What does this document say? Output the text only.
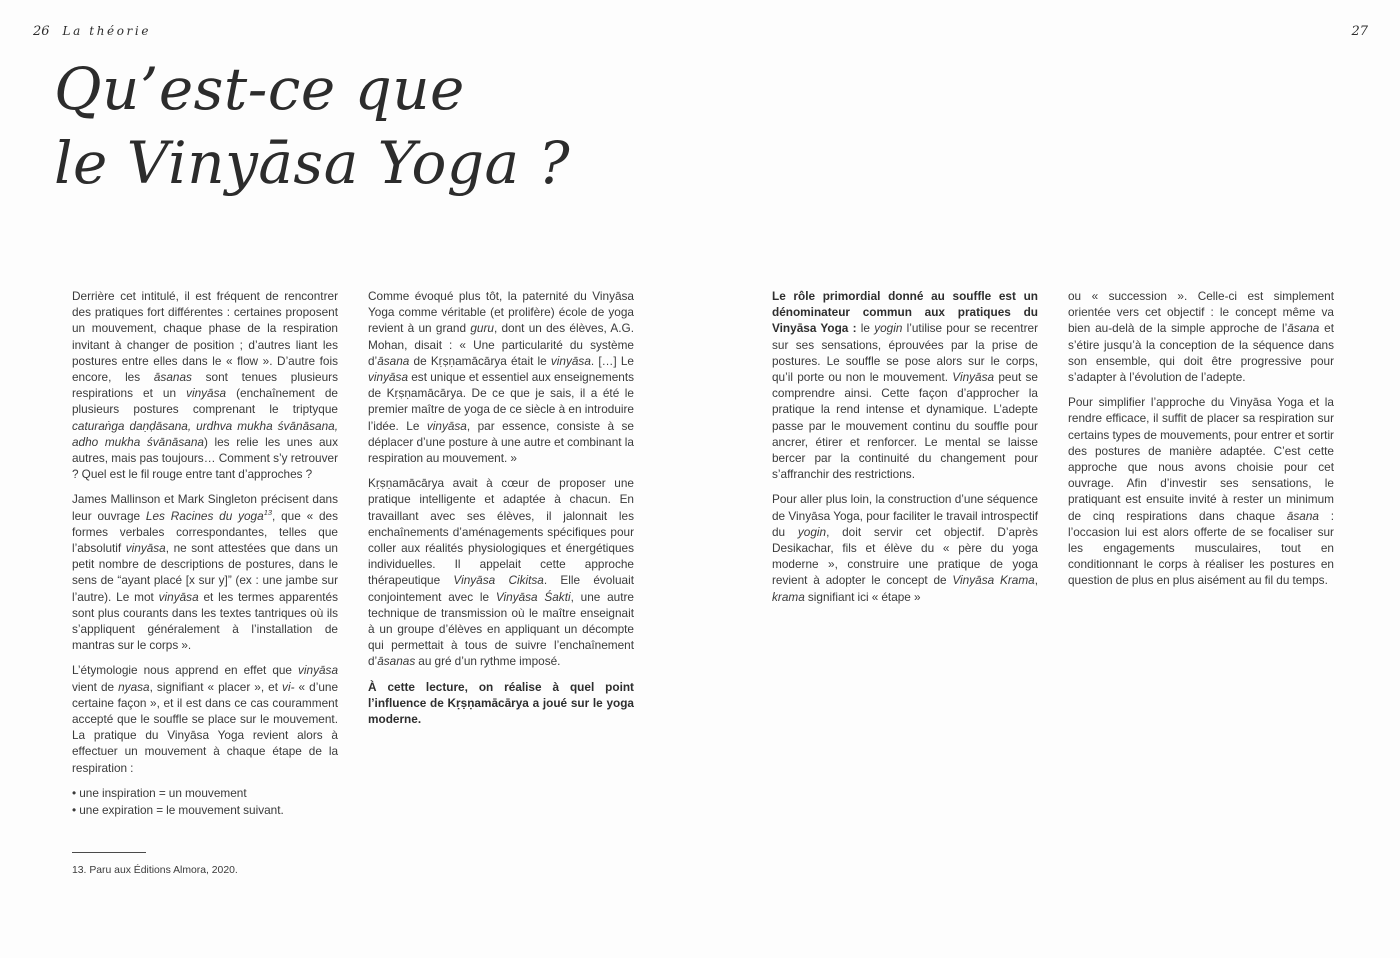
26 La théorie	27
Qu’est-ce que
le Vinyāsa Yoga ?

Derrière cet intitulé, il est fréquent de rencontrer des pratiques fort différentes : certaines proposent un mouvement, chaque phase de la respiration invitant à changer de position ; d’autres liant les postures entre elles dans le « flow ». D’autre fois encore, les āsanas sont tenues plusieurs respirations et un vinyāsa (enchaînement de plusieurs postures comprenant le triptyque caturaṅga daṇḍāsana, urdhva mukha śvānāsana, adho mukha śvānāsana) les relie les unes aux autres, mais pas toujours… Comment s’y retrouver ? Quel est le fil rouge entre tant d’approches ?

James Mallinson et Mark Singleton précisent dans leur ouvrage Les Racines du yoga$^{13}$, que « des formes verbales correspondantes, telles que l’absolutif vinyāsa, ne sont attestées que dans un petit nombre de descriptions de postures, dans le sens de “ayant placé [x sur y]” (ex : une jambe sur l’autre). Le mot vinyāsa et les termes apparentés sont plus courants dans les textes tantriques où ils s’appliquent généralement à l’installation de mantras sur le corps ».

L’étymologie nous apprend en effet que vinyāsa vient de nyasa, signifiant « placer », et vi- « d’une certaine façon », et il est dans ce cas couramment accepté que le souffle se place sur le mouvement. La pratique du Vinyāsa Yoga revient alors à effectuer un mouvement à chaque étape de la respiration :

• une inspiration = un mouvement
• une expiration = le mouvement suivant.

Comme évoqué plus tôt, la paternité du Vinyāsa Yoga comme véritable (et prolifère) école de yoga revient à un grand guru, dont un des élèves, A.G. Mohan, disait : « Une particularité du système d’āsana de Kṛṣṇamācārya était le vinyāsa. […] Le vinyāsa est unique et essentiel aux enseignements de Kṛṣṇamācārya. De ce que je sais, il a été le premier maître de yoga de ce siècle à en introduire l’idée. Le vinyāsa, par essence, consiste à se déplacer d’une posture à une autre et combinant la respiration au mouvement. »

Kṛṣṇamācārya avait à cœur de proposer une pratique intelligente et adaptée à chacun. En travaillant avec ses élèves, il jalonnait les enchaînements d’aménagements spécifiques pour coller aux réalités physiologiques et énergétiques individuelles. Il appelait cette approche thérapeutique Vinyāsa Cikitsa. Elle évoluait conjointement avec le Vinyāsa Śakti, une autre technique de transmission où le maître enseignait à un groupe d’élèves en appliquant un décompte qui permettait à tous de suivre l’enchaînement d’āsanas au gré d’un rythme imposé.

À cette lecture, on réalise à quel point l’influence de Kṛṣṇamācārya a joué sur le yoga moderne.

Le rôle primordial donné au souffle est un dénominateur commun aux pratiques du Vinyāsa Yoga : le yogin l’utilise pour se recentrer sur ses sensations, éprouvées par la prise de postures. Le souffle se pose alors sur le corps, qu’il porte ou non le mouvement. Vinyāsa peut se comprendre ainsi. Cette façon d’approcher la pratique la rend intense et dynamique. L’adepte passe par le mouvement continu du souffle pour ancrer, étirer et renforcer. Le mental se laisse bercer par la continuité du changement pour s’affranchir des restrictions.

Pour aller plus loin, la construction d’une séquence de Vinyāsa Yoga, pour faciliter le travail introspectif du yogin, doit servir cet objectif. D’après Desikachar, fils et élève du « père du yoga moderne », construire une pratique de yoga revient à adopter le concept de Vinyāsa Krama, krama signifiant ici « étape »

ou « succession ». Celle-ci est simplement orientée vers cet objectif : le concept même va bien au-delà de la simple approche de l’āsana et s’étire jusqu’à la conception de la séquence dans son ensemble, qui doit être progressive pour s’adapter à l’évolution de l’adepte.

Pour simplifier l’approche du Vinyāsa Yoga et la rendre efficace, il suffit de placer sa respiration sur certains types de mouvements, pour entrer et sortir des postures de manière adaptée. C’est cette approche que nous avons choisie pour cet ouvrage. Afin d’investir ses sensations, le pratiquant est ensuite invité à rester un minimum de cinq respirations dans chaque āsana : l’occasion lui est alors offerte de se focaliser sur les engagements musculaires, tout en conditionnant le corps à réaliser les postures en question de plus en plus aisément au fil du temps.

13. Paru aux Éditions Almora, 2020.
